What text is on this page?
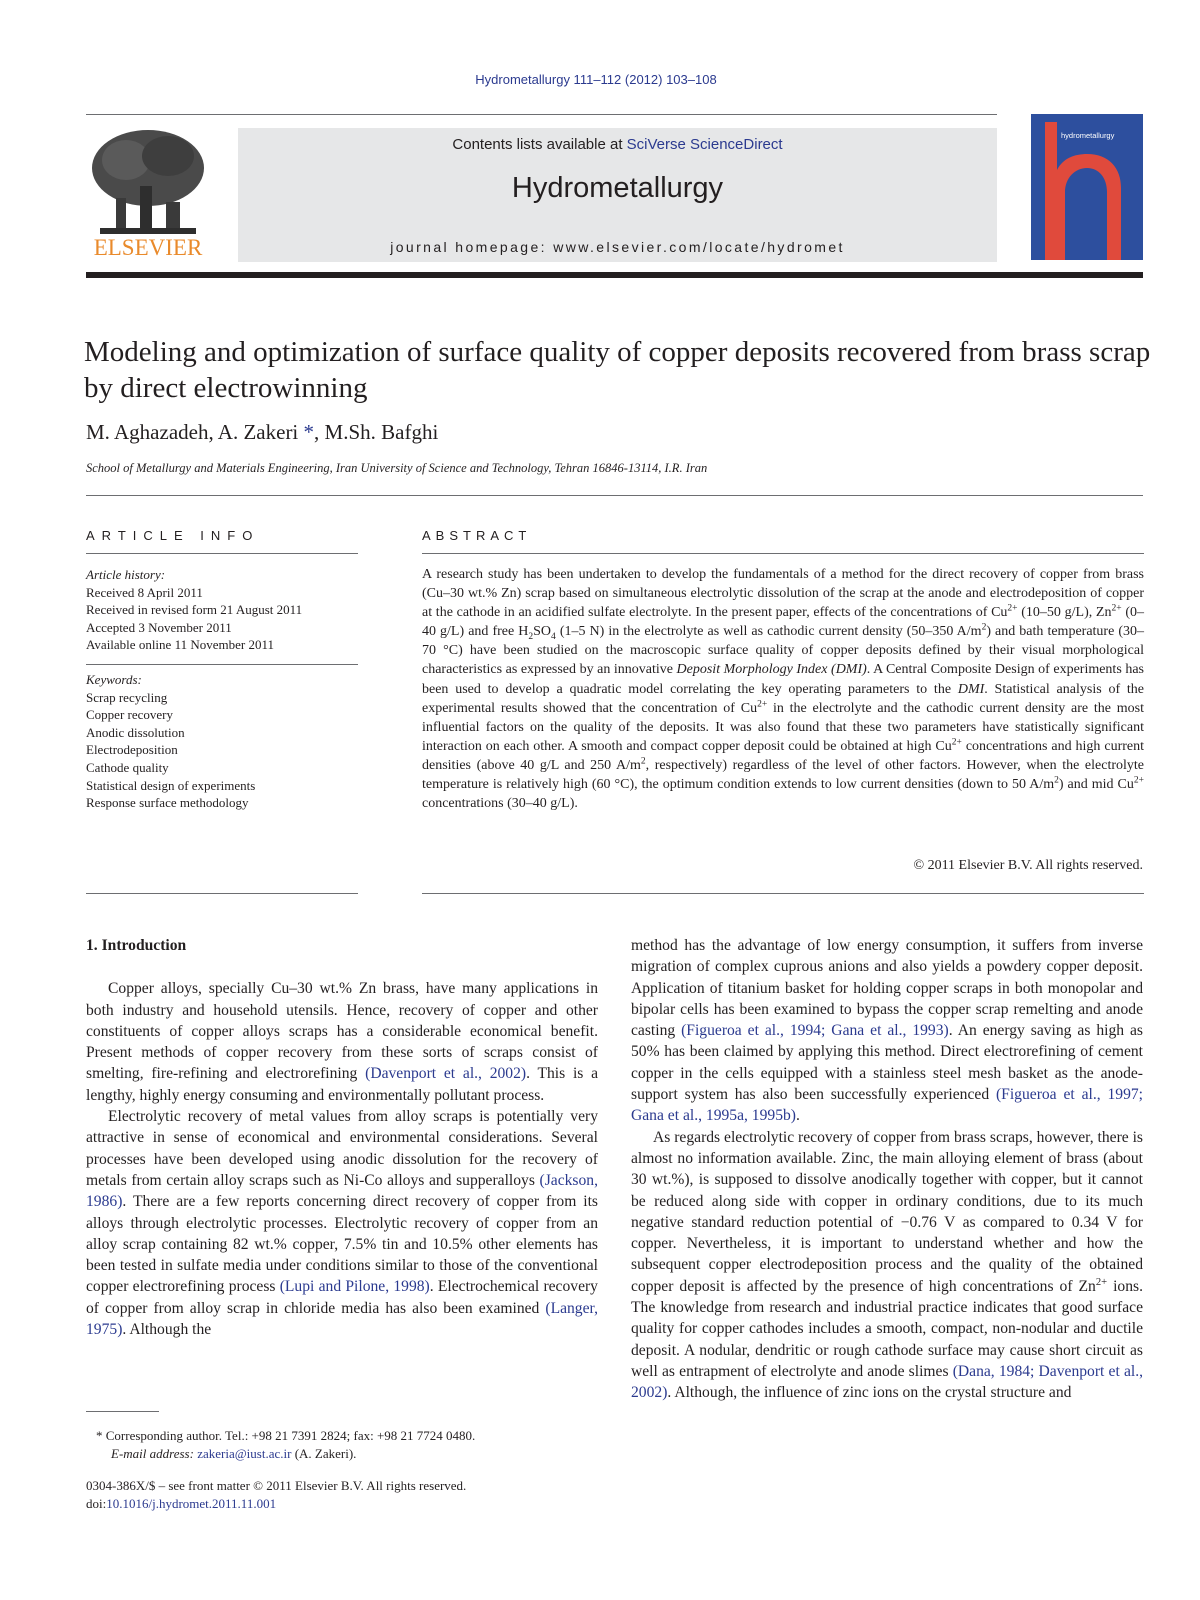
Hydrometallurgy 111–112 (2012) 103–108
ELSEVIER
Contents lists available at SciVerse ScienceDirect
Hydrometallurgy
journal homepage: www.elsevier.com/locate/hydromet
hydrometallurgy
Modeling and optimization of surface quality of copper deposits recovered from brass scrap by direct electrowinning
M. Aghazadeh, A. Zakeri *, M.Sh. Bafghi
School of Metallurgy and Materials Engineering, Iran University of Science and Technology, Tehran 16846-13114, I.R. Iran
ARTICLE INFO	ABSTRACT
Article history:
Received 8 April 2011
Received in revised form 21 August 2011
Accepted 3 November 2011
Available online 11 November 2011
Keywords:
Scrap recycling
Copper recovery
Anodic dissolution
Electrodeposition
Cathode quality
Statistical design of experiments
Response surface methodology
A research study has been undertaken to develop the fundamentals of a method for the direct recovery of copper from brass (Cu–30 wt.% Zn) scrap based on simultaneous electrolytic dissolution of the scrap at the anode and electrodeposition of copper at the cathode in an acidified sulfate electrolyte. In the present paper, effects of the concentrations of $Cu^{2+}$ (10–50 g/L), $Zn^{2+}$ (0–40 g/L) and free $H_2SO_4$ (1–5 N) in the electrolyte as well as cathodic current density (50–350 $A/m^2$) and bath temperature (30–70 °C) have been studied on the macroscopic surface quality of copper deposits defined by their visual morphological characteristics as expressed by an innovative Deposit Morphology Index (DMI). A Central Composite Design of experiments has been used to develop a quadratic model correlating the key operating parameters to the DMI. Statistical analysis of the experimental results showed that the concentration of $Cu^{2+}$ in the electrolyte and the cathodic current density are the most influential factors on the quality of the deposits. It was also found that these two parameters have statistically significant interaction on each other. A smooth and compact copper deposit could be obtained at high $Cu^{2+}$ concentrations and high current densities (above 40 g/L and 250 $A/m^2$, respectively) regardless of the level of other factors. However, when the electrolyte temperature is relatively high (60 °C), the optimum condition extends to low current densities (down to 50 $A/m^2$) and mid $Cu^{2+}$ concentrations (30–40 g/L).
© 2011 Elsevier B.V. All rights reserved.
1. Introduction

Copper alloys, specially Cu–30 wt.% Zn brass, have many applications in both industry and household utensils. Hence, recovery of copper and other constituents of copper alloys scraps has a considerable economical benefit. Present methods of copper recovery from these sorts of scraps consist of smelting, fire-refining and electrorefining (Davenport et al., 2002). This is a lengthy, highly energy consuming and environmentally pollutant process.

Electrolytic recovery of metal values from alloy scraps is potentially very attractive in sense of economical and environmental considerations. Several processes have been developed using anodic dissolution for the recovery of metals from certain alloy scraps such as Ni-Co alloys and supperalloys (Jackson, 1986). There are a few reports concerning direct recovery of copper from its alloys through electrolytic processes. Electrolytic recovery of copper from an alloy scrap containing 82 wt.% copper, 7.5% tin and 10.5% other elements has been tested in sulfate media under conditions similar to those of the conventional copper electrorefining process (Lupi and Pilone, 1998). Electrochemical recovery of copper from alloy scrap in chloride media has also been examined (Langer, 1975). Although the

method has the advantage of low energy consumption, it suffers from inverse migration of complex cuprous anions and also yields a powdery copper deposit. Application of titanium basket for holding copper scraps in both monopolar and bipolar cells has been examined to bypass the copper scrap remelting and anode casting (Figueroa et al., 1994; Gana et al., 1993). An energy saving as high as 50% has been claimed by applying this method. Direct electrorefining of cement copper in the cells equipped with a stainless steel mesh basket as the anode-support system has also been successfully experienced (Figueroa et al., 1997; Gana et al., 1995a, 1995b).

As regards electrolytic recovery of copper from brass scraps, however, there is almost no information available. Zinc, the main alloying element of brass (about 30 wt.%), is supposed to dissolve anodically together with copper, but it cannot be reduced along side with copper in ordinary conditions, due to its much negative standard reduction potential of −0.76 V as compared to 0.34 V for copper. Nevertheless, it is important to understand whether and how the subsequent copper electrodeposition process and the quality of the obtained copper deposit is affected by the presence of high concentrations of $Zn^{2+}$ ions. The knowledge from research and industrial practice indicates that good surface quality for copper cathodes includes a smooth, compact, non-nodular and ductile deposit. A nodular, dendritic or rough cathode surface may cause short circuit as well as entrapment of electrolyte and anode slimes (Dana, 1984; Davenport et al., 2002). Although, the influence of zinc ions on the crystal structure and

* Corresponding author. Tel.: +98 21 7391 2824; fax: +98 21 7724 0480.
E-mail address: zakeria@iust.ac.ir (A. Zakeri).
0304-386X/$ – see front matter © 2011 Elsevier B.V. All rights reserved.
doi:10.1016/j.hydromet.2011.11.001
